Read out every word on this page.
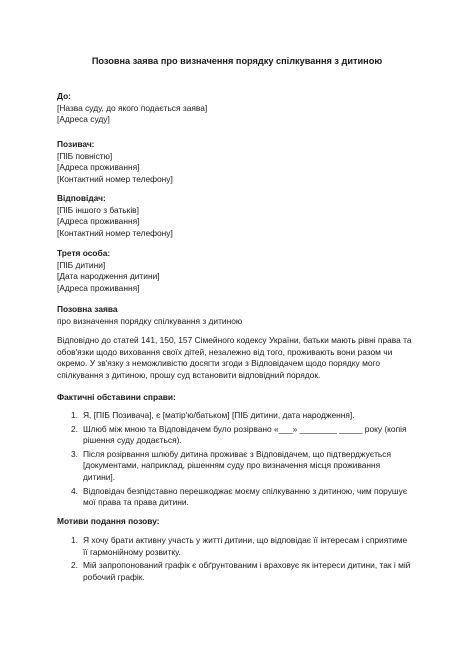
Позовна заява про визначення порядку спілкування з дитиною
До:
[Назва суду, до якого подається заява]
[Адреса суду]
Позивач:
[ПІБ повністю]
[Адреса проживання]
[Контактний номер телефону]
Відповідач:
[ПІБ іншого з батьків]
[Адреса проживання]
[Контактний номер телефону]
Третя особа:
[ПІБ дитини]
[Дата народження дитини]
[Адреса проживання]
Позовна заява
про визначення порядку спілкування з дитиною
Відповідно до статей 141, 150, 157 Сімейного кодексу України, батьки мають рівні права та обов'язки щодо виховання своїх дітей, незалежно від того, проживають вони разом чи окремо. У зв'язку з неможливістю досягти згоди з Відповідачем щодо порядку мого спілкування з дитиною, прошу суд встановити відповідний порядок.
Фактичні обставини справи:
1. Я, [ПІБ Позивача], є [матір'ю/батьком] [ПІБ дитини, дата народження].
2. Шлюб між мною та Відповідачем було розірвано «___» ________ _____ року (копія рішення суду додається).
3. Після розірвання шлюбу дитина проживає з Відповідачем, що підтверджується [документами, наприклад, рішенням суду про визначення місця проживання дитини].
4. Відповідач безпідставно перешкоджає моєму спілкуванню з дитиною, чим порушує мої права та права дитини.
Мотиви подання позову:
1. Я хочу брати активну участь у житті дитини, що відповідає її інтересам і сприятиме її гармонійному розвитку.
2. Мій запропонований графік є обґрунтованим і враховує як інтереси дитини, так і мій робочий графік.
